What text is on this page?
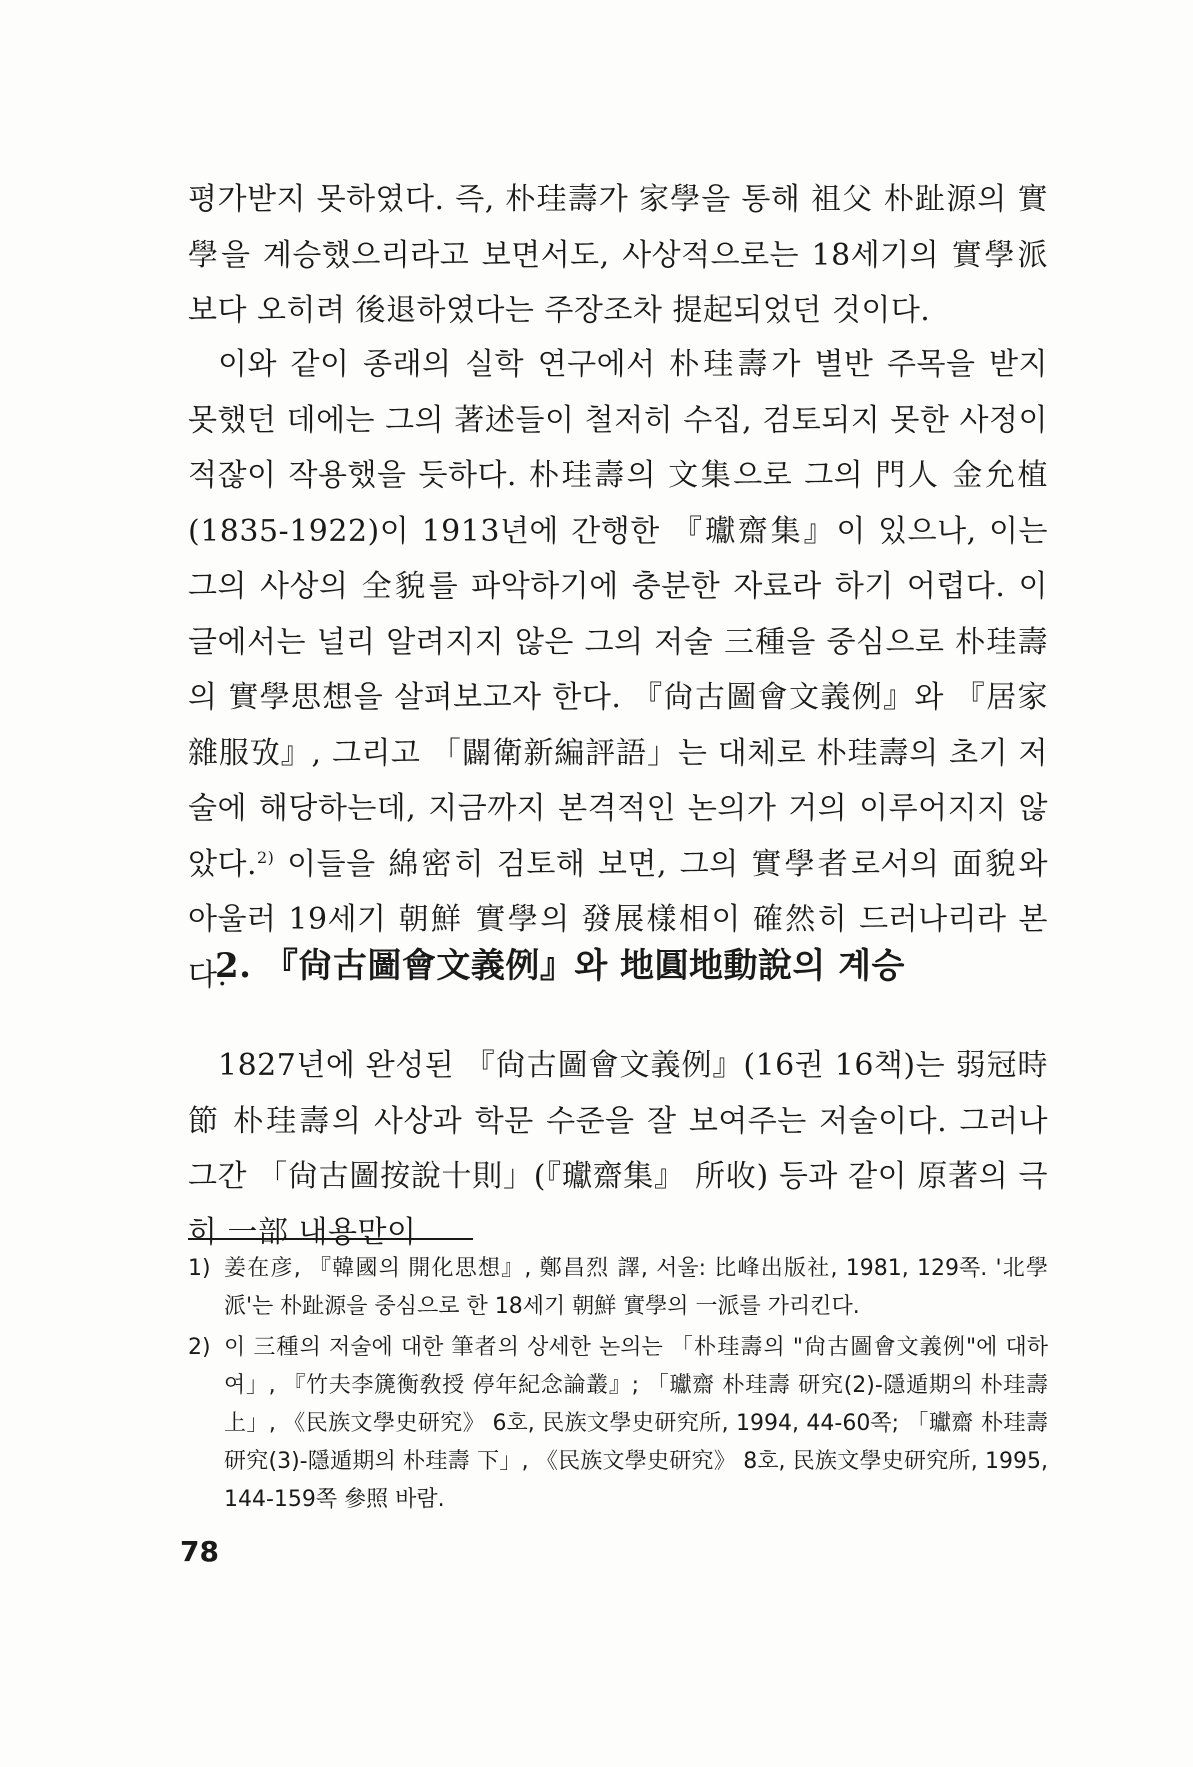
평가받지 못하였다. 즉, 朴珪壽가 家學을 통해 祖父 朴趾源의 實學을 계승했으리라고 보면서도, 사상적으로는 18세기의 實學派보다 오히려 後退하였다는 주장조차 提起되었던 것이다.
이와 같이 종래의 실학 연구에서 朴珪壽가 별반 주목을 받지 못했던 데에는 그의 著述들이 철저히 수집, 검토되지 못한 사정이 적잖이 작용했을 듯하다. 朴珪壽의 文集으로 그의 門人 金允植(1835-1922)이 1913년에 간행한 『瓛齋集』이 있으나, 이는 그의 사상의 全貌를 파악하기에 충분한 자료라 하기 어렵다. 이 글에서는 널리 알려지지 않은 그의 저술 三種을 중심으로 朴珪壽의 實學思想을 살펴보고자 한다. 『尙古圖會文義例』와 『居家雜服攷』, 그리고 「闢衛新編評語」는 대체로 朴珪壽의 초기 저술에 해당하는데, 지금까지 본격적인 논의가 거의 이루어지지 않았다.$^{2)}$ 이들을 綿密히 검토해 보면, 그의 實學者로서의 面貌와 아울러 19세기 朝鮮 實學의 發展樣相이 確然히 드러나리라 본다.
2. 『尙古圖會文義例』와 地圓地動說의 계승
1827년에 완성된 『尙古圖會文義例』(16권 16책)는 弱冠時節 朴珪壽의 사상과 학문 수준을 잘 보여주는 저술이다. 그러나 그간 「尙古圖按說十則」(『瓛齋集』 所收) 등과 같이 原著의 극히 一部 내용만이
1) 姜在彦, 『韓國의 開化思想』, 鄭昌烈 譯, 서울: 比峰出版社, 1981, 129쪽. '北學派'는 朴趾源을 중심으로 한 18세기 朝鮮 實學의 一派를 가리킨다.
2) 이 三種의 저술에 대한 筆者의 상세한 논의는 「朴珪壽의 "尙古圖會文義例"에 대하여」, 『竹夫李篪衡敎授 停年紀念論叢』; 「瓛齋 朴珪壽 研究(2)-隱遁期의 朴珪壽 上」, 《民族文學史研究》 6호, 民族文學史研究所, 1994, 44-60쪽; 「瓛齋 朴珪壽 研究(3)-隱遁期의 朴珪壽 下」, 《民族文學史研究》 8호, 民族文學史研究所, 1995, 144-159쪽 參照 바람.
78
